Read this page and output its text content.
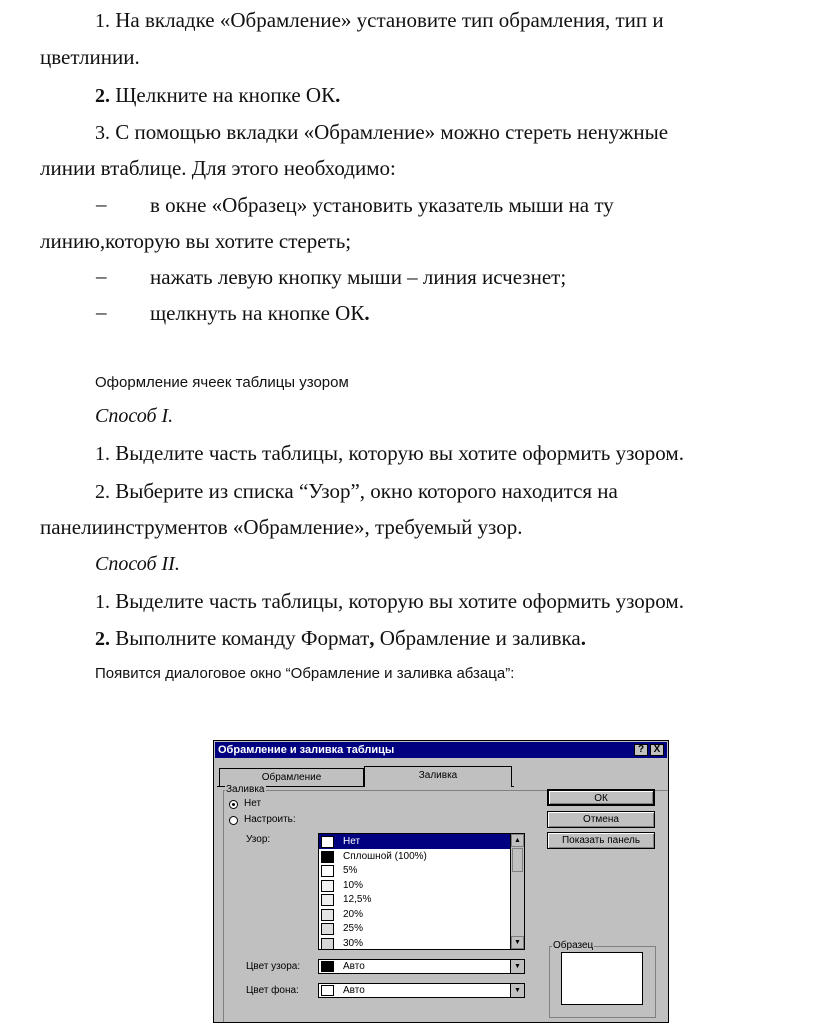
1. На вкладке «Обрамление» установите тип обрамления, тип и
цветлинии.
2. Щелкните на кнопке ОК.
3. С помощью вкладки «Обрамление» можно стереть ненужные
линии втаблице. Для этого необходимо:
– в окне «Образец» установить указатель мыши на ту
линию,которую вы хотите стереть;
– нажать левую кнопку мыши – линия исчезнет;
– щелкнуть на кнопке ОК.
Оформление ячеек таблицы узором
Способ I.
1. Выделите часть таблицы, которую вы хотите оформить узором.
2. Выберите из списка “Узор”, окно которого находится на
панелиинструментов «Обрамление», требуемый узор.
Способ II.
1. Выделите часть таблицы, которую вы хотите оформить узором.
2. Выполните команду Формат, Обрамление и заливка.
Появится диалоговое окно “Обрамление и заливка абзаца”:
Обрамление и заливка таблицы	? X
Обрамление	Заливка
Заливка
Нет
Настроить:
Узор:	Нет
Сплошной (100%)
5%
10%
12,5%
20%
25%
30%
▲
▼
Цвет узора:	Авто	▼
Цвет фона:	Авто	▼
ОК
Отмена
Показать панель
Образец
